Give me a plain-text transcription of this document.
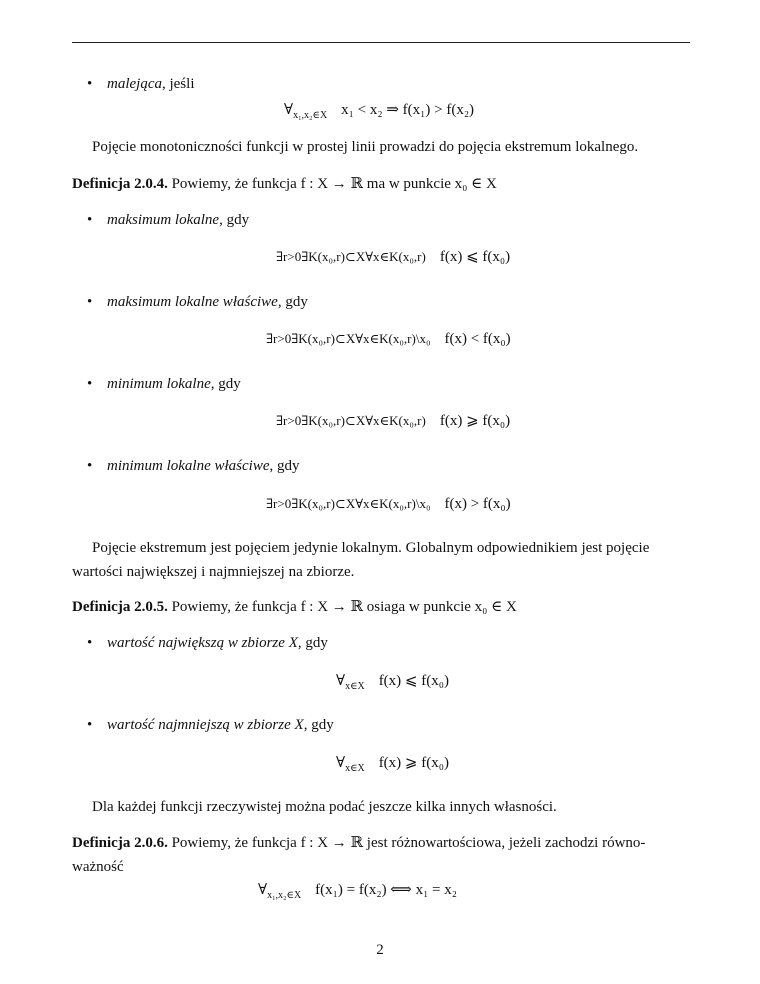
• malejąca, jeśli
$\forall_{x_1,x_2\in X}$ x₁ < x₂ ⇒ f(x₁) > f(x₂)
Pojęcie monotoniczności funkcji w prostej linii prowadzi do pojęcia ekstremum lokalnego.
Definicja 2.0.4. Powiemy, że funkcja f : X → ℝ ma w punkcie x₀ ∈ X
• maksimum lokalne, gdy
∃r>0∃K(x₀,r)⊂X∀x∈K(x₀,r) f(x) ⩽ f(x₀)
• maksimum lokalne właściwe, gdy
∃r>0∃K(x₀,r)⊂X∀x∈K(x₀,r)\x₀ f(x) < f(x₀)
• minimum lokalne, gdy
∃r>0∃K(x₀,r)⊂X∀x∈K(x₀,r) f(x) ⩾ f(x₀)
• minimum lokalne właściwe, gdy
∃r>0∃K(x₀,r)⊂X∀x∈K(x₀,r)\x₀ f(x) > f(x₀)
Pojęcie ekstremum jest pojęciem jedynie lokalnym. Globalnym odpowiednikiem jest pojęcie
wartości największej i najmniejszej na zbiorze.
Definicja 2.0.5. Powiemy, że funkcja f : X → ℝ osiaga w punkcie x₀ ∈ X
• wartość największą w zbiorze X, gdy
$\forall_{x\in X}$ f(x) ⩽ f(x₀)
• wartość najmniejszą w zbiorze X, gdy
$\forall_{x\in X}$ f(x) ⩾ f(x₀)
Dla każdej funkcji rzeczywistej można podać jeszcze kilka innych własności.
Definicja 2.0.6. Powiemy, że funkcja f : X → ℝ jest różnowartościowa, jeżeli zachodzi równo-
ważność
$\forall_{x_1,x_2\in X}$ f(x₁) = f(x₂) ⟺ x₁ = x₂
2
